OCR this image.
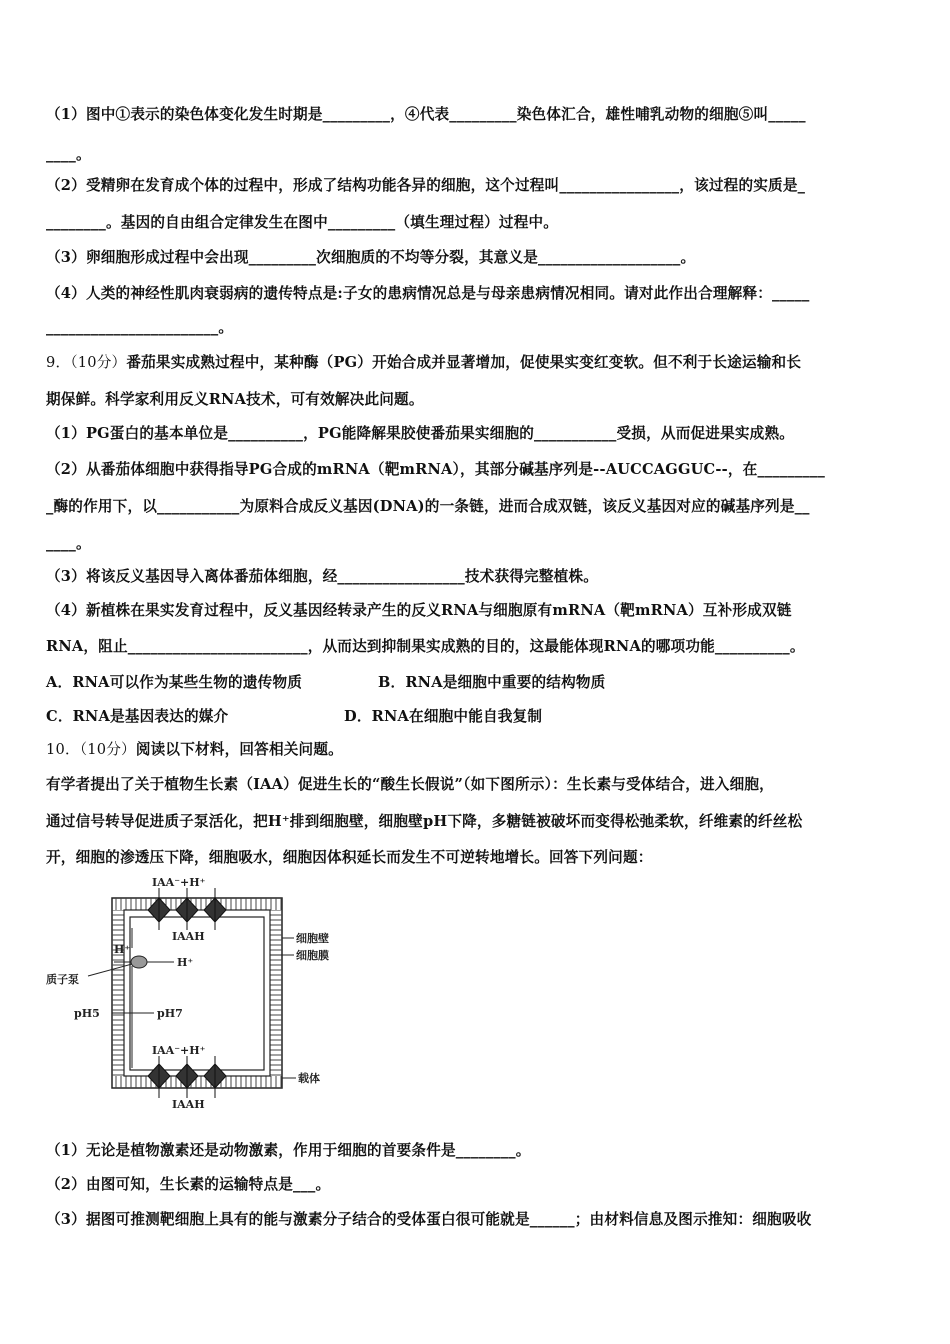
（1）图中①表示的染色体变化发生时期是_________，④代表_________染色体汇合，雄性哺乳动物的细胞⑤叫_____
____。
（2）受精卵在发育成个体的过程中，形成了结构功能各异的细胞，这个过程叫________________，该过程的实质是_
________。基因的自由组合定律发生在图中_________（填生理过程）过程中。
（3）卵细胞形成过程中会出现_________次细胞质的不均等分裂，其意义是___________________。
（4）人类的神经性肌肉衰弱病的遗传特点是:子女的患病情况总是与母亲患病情况相同。请对此作出合理解释：_____
_______________________。
9．（10分）番茄果实成熟过程中，某种酶（PG）开始合成并显著增加，促使果实变红变软。但不利于长途运输和长
期保鲜。科学家利用反义RNA技术，可有效解决此问题。
（1）PG蛋白的基本单位是__________，PG能降解果胶使番茄果实细胞的___________受损，从而促进果实成熟。
（2）从番茄体细胞中获得指导PG合成的mRNA（靶mRNA），其部分碱基序列是--AUCCAGGUC--，在_________
_酶的作用下，以___________为原料合成反义基因(DNA)的一条链，进而合成双链，该反义基因对应的碱基序列是__
____。
（3）将该反义基因导入离体番茄体细胞，经_________________技术获得完整植株。
（4）新植株在果实发育过程中，反义基因经转录产生的反义RNA与细胞原有mRNA（靶mRNA）互补形成双链
RNA，阻止________________________，从而达到抑制果实成熟的目的，这最能体现RNA的哪项功能__________。
A．RNA可以作为某些生物的遗传物质	B．RNA是细胞中重要的结构物质
C．RNA是基因表达的媒介	D．RNA在细胞中能自我复制
10．（10分）阅读以下材料，回答相关问题。
有学者提出了关于植物生长素（IAA）促进生长的“酸生长假说”（如下图所示）：生长素与受体结合，进入细胞，
通过信号转导促进质子泵活化，把H⁺排到细胞壁，细胞壁pH下降，多糖链被破坏而变得松弛柔软，纤维素的纤丝松
开，细胞的渗透压下降，细胞吸水，细胞因体积延长而发生不可逆转地增长。回答下列问题：
IAA⁻+H⁺
IAAH
IAA⁻+H⁺
IAAH
H⁺
H⁺
质子泵
pH5	pH7
细胞壁
细胞膜
载体
（1）无论是植物激素还是动物激素，作用于细胞的首要条件是________。
（2）由图可知，生长素的运输特点是___。
（3）据图可推测靶细胞上具有的能与激素分子结合的受体蛋白很可能就是______；由材料信息及图示推知：细胞吸收
